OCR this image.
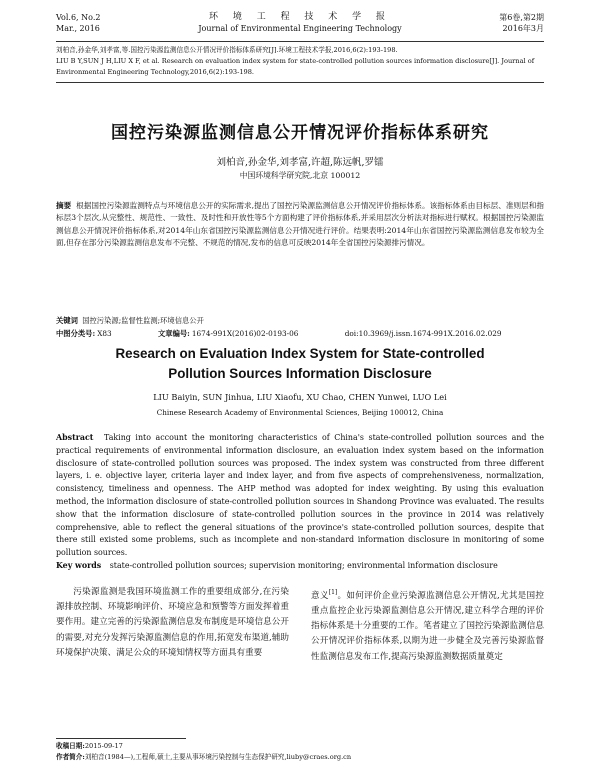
Vol.6, No.2
Mar., 2016
环 境 工 程 技 术 学 报
Journal of Environmental Engineering Technology
第6卷,第2期
2016年3月
刘柏音,孙金华,刘孝富,等.国控污染源监测信息公开情况评价指标体系研究[J].环境工程技术学报,2016,6(2):193-198.
LIU B Y,SUN J H,LIU X F, et al. Research on evaluation index system for state-controlled pollution sources information disclosure[J]. Journal of
Environmental Engineering Technology,2016,6(2):193-198.
国控污染源监测信息公开情况评价指标体系研究
刘柏音,孙金华,刘孝富,许超,陈远帆,罗镭
中国环境科学研究院,北京 100012
摘要 根据国控污染源监测特点与环境信息公开的实际需求,提出了国控污染源监测信息公开情况评价指标体系。该指标体系由目标层、准则层和指标层3个层次,从完整性、规范性、一致性、及时性和开放性等5个方面构建了评价指标体系,并采用层次分析法对指标进行赋权。根据国控污染源监测信息公开情况评价指标体系,对2014年山东省国控污染源监测信息公开情况进行评价。结果表明:2014年山东省国控污染源监测信息发布较为全面,但存在部分污染源监测信息发布不完整、不规范的情况,发布的信息可反映2014年全省国控污染源排污情况。
关键词 国控污染源;监督性监测;环境信息公开
中图分类号: X83	文章编号: 1674-991X(2016)02-0193-06	doi:10.3969/j.issn.1674-991X.2016.02.029
Research on Evaluation Index System for State-controlled
Pollution Sources Information Disclosure
LIU Baiyin, SUN Jinhua, LIU Xiaofu, XU Chao, CHEN Yunwei, LUO Lei
Chinese Research Academy of Environmental Sciences, Beijing 100012, China
Abstract Taking into account the monitoring characteristics of China's state-controlled pollution sources and the practical requirements of environmental information disclosure, an evaluation index system based on the information disclosure of state-controlled pollution sources was proposed. The index system was constructed from three different layers, i. e. objective layer, criteria layer and index layer, and from five aspects of comprehensiveness, normalization, consistency, timeliness and openness. The AHP method was adopted for index weighting. By using this evaluation method, the information disclosure of state-controlled pollution sources in Shandong Province was evaluated. The results show that the information disclosure of state-controlled pollution sources in the province in 2014 was relatively comprehensive, able to reflect the general situations of the province's state-controlled pollution sources, despite that there still existed some problems, such as incomplete and non-standard information disclosure in monitoring of some pollution sources.
Key words state-controlled pollution sources; supervision monitoring; environmental information disclosure
污染源监测是我国环境监测工作的重要组成部分,在污染源排放控制、环境影响评价、环境应急和预警等方面发挥着重要作用。建立完善的污染源监测信息发布制度是环境信息公开的需要,对充分发挥污染源监测信息的作用,拓宽发布渠道,辅助环境保护决策、满足公众的环境知情权等方面具有重要
意义[1]。如何评价企业污染源监测信息公开情况,尤其是国控重点监控企业污染源监测信息公开情况,建立科学合理的评价指标体系是十分重要的工作。笔者建立了国控污染源监测信息公开情况评价指标体系,以期为进一步健全及完善污染源监督性监测信息发布工作,提高污染源监测数据质量奠定
收稿日期:2015-09-17
作者简介:刘柏音(1984—),工程师,硕士,主要从事环境污染控制与生态保护研究,liuby@craes.org.cn
